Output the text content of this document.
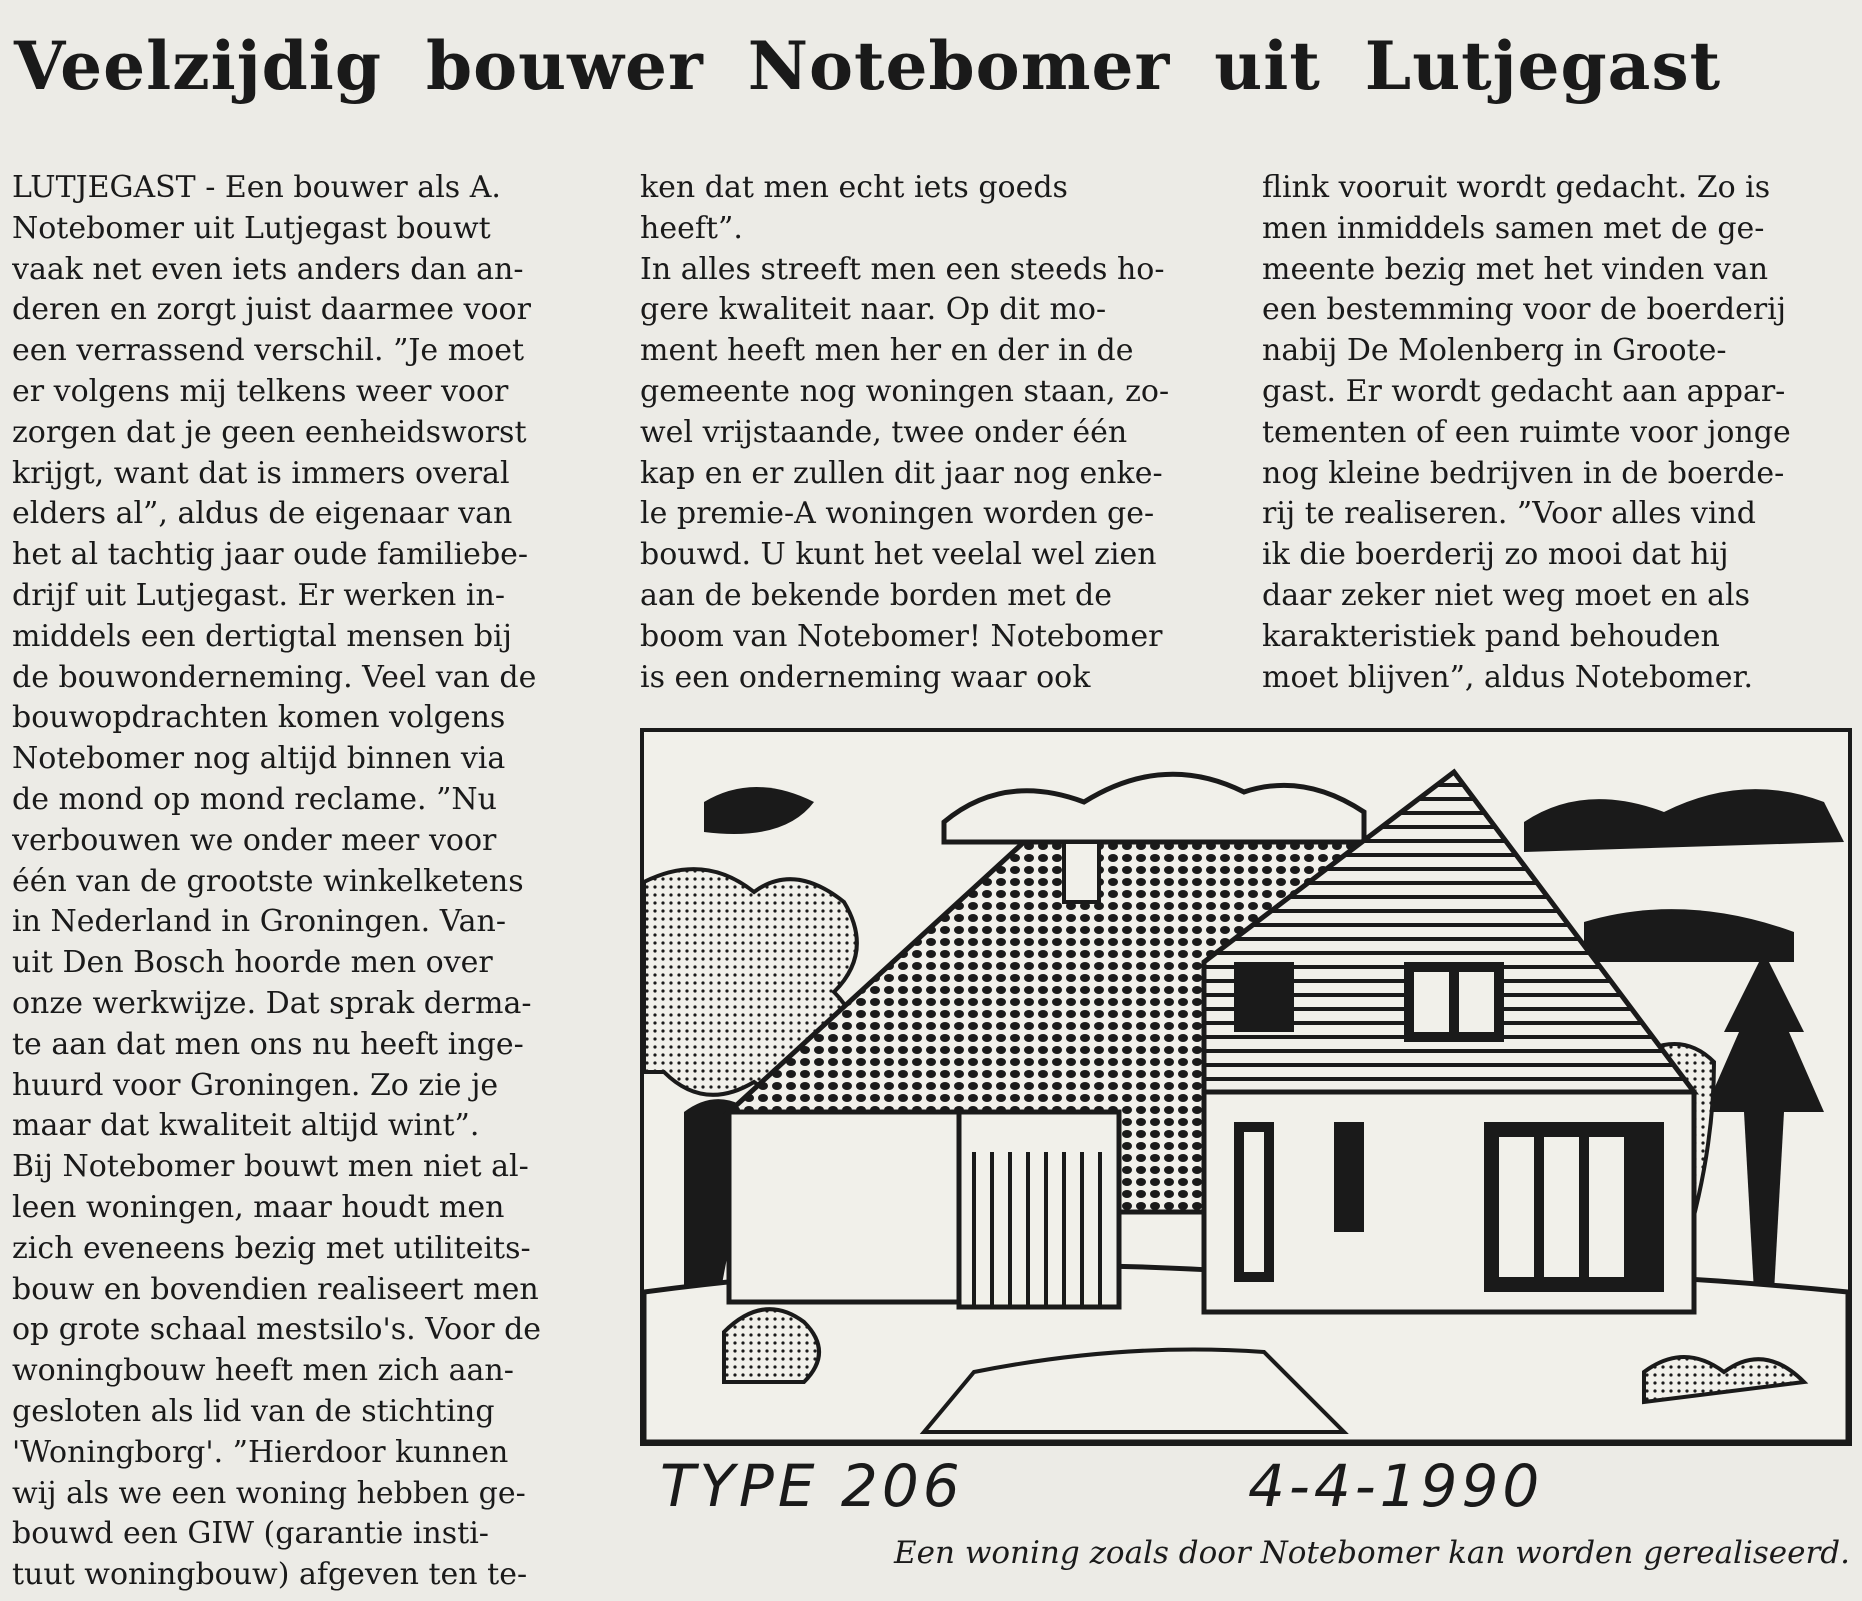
Veelzijdig bouwer Notebomer uit Lutjegast
LUTJEGAST - Een bouwer als A.
Notebomer uit Lutjegast bouwt
vaak net even iets anders dan an-
deren en zorgt juist daarmee voor
een verrassend verschil. ”Je moet
er volgens mij telkens weer voor
zorgen dat je geen eenheidsworst
krijgt, want dat is immers overal
elders al”, aldus de eigenaar van
het al tachtig jaar oude familiebe-
drijf uit Lutjegast. Er werken in-
middels een dertigtal mensen bij
de bouwonderneming. Veel van de
bouwopdrachten komen volgens
Notebomer nog altijd binnen via
de mond op mond reclame. ”Nu
verbouwen we onder meer voor
één van de grootste winkelketens
in Nederland in Groningen. Van-
uit Den Bosch hoorde men over
onze werkwijze. Dat sprak derma-
te aan dat men ons nu heeft inge-
huurd voor Groningen. Zo zie je
maar dat kwaliteit altijd wint”.
Bij Notebomer bouwt men niet al-
leen woningen, maar houdt men
zich eveneens bezig met utiliteits-
bouw en bovendien realiseert men
op grote schaal mestsilo's. Voor de
woningbouw heeft men zich aan-
gesloten als lid van de stichting
'Woningborg'. ”Hierdoor kunnen
wij als we een woning hebben ge-
bouwd een GIW (garantie insti-
tuut woningbouw) afgeven ten te-
ken dat men echt iets goeds
heeft”.
In alles streeft men een steeds ho-
gere kwaliteit naar. Op dit mo-
ment heeft men her en der in de
gemeente nog woningen staan, zo-
wel vrijstaande, twee onder één
kap en er zullen dit jaar nog enke-
le premie-A woningen worden ge-
bouwd. U kunt het veelal wel zien
aan de bekende borden met de
boom van Notebomer! Notebomer
is een onderneming waar ook
flink vooruit wordt gedacht. Zo is
men inmiddels samen met de ge-
meente bezig met het vinden van
een bestemming voor de boerderij
nabij De Molenberg in Groote-
gast. Er wordt gedacht aan appar-
tementen of een ruimte voor jonge
nog kleine bedrijven in de boerde-
rij te realiseren. ”Voor alles vind
ik die boerderij zo mooi dat hij
daar zeker niet weg moet en als
karakteristiek pand behouden
moet blijven”, aldus Notebomer.
TYPE 206	4-4-1990
Een woning zoals door Notebomer kan worden gerealiseerd.
